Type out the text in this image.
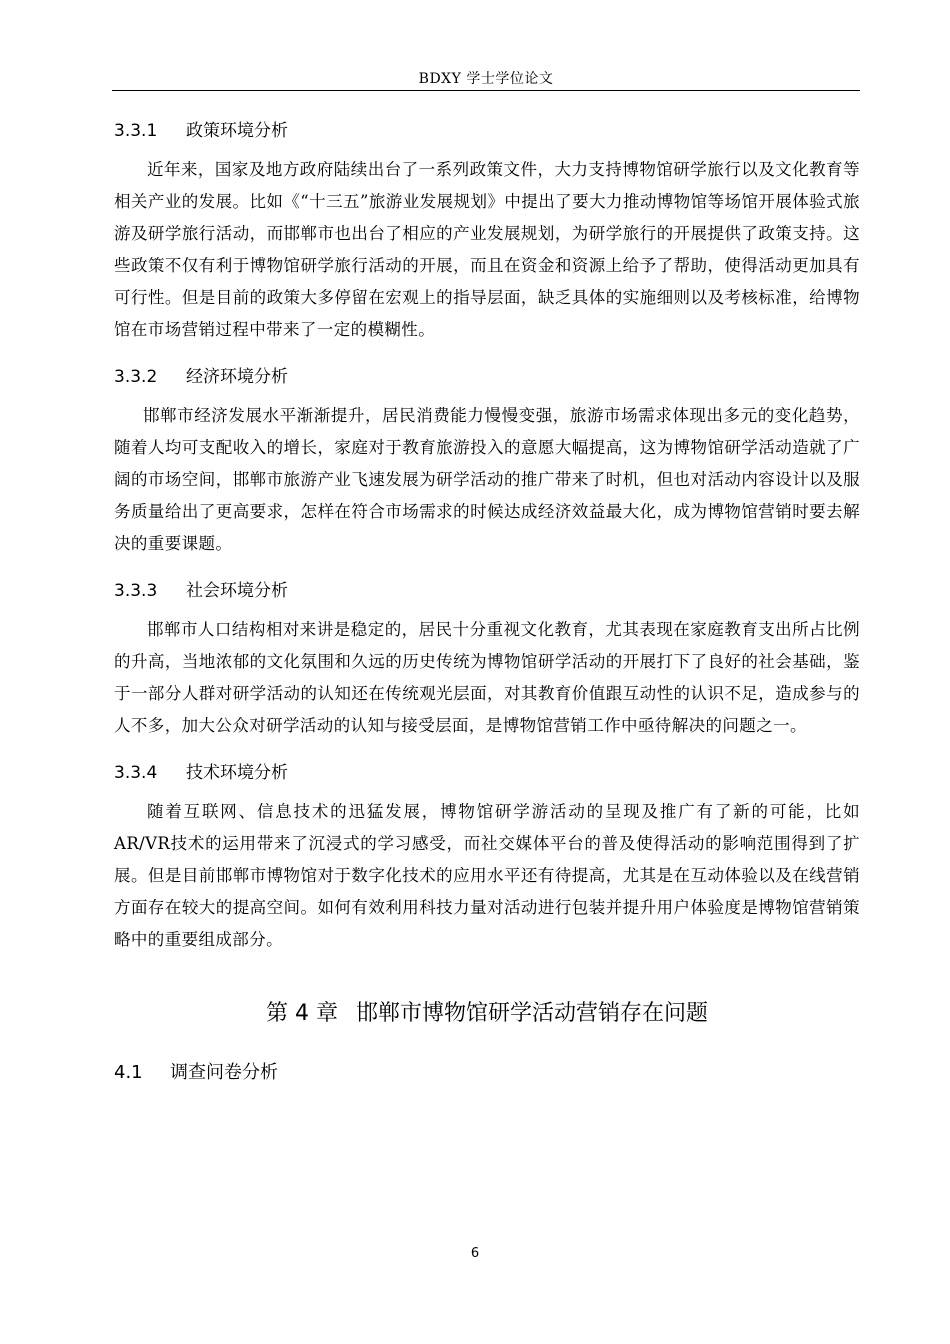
BDXY 学士学位论文
3.3.1 政策环境分析

近年来，国家及地方政府陆续出台了一系列政策文件，大力支持博物馆研学旅行以及文化教育等相关产业的发展。比如《“十三五”旅游业发展规划》中提出了要大力推动博物馆等场馆开展体验式旅游及研学旅行活动，而邯郸市也出台了相应的产业发展规划，为研学旅行的开展提供了政策支持。这些政策不仅有利于博物馆研学旅行活动的开展，而且在资金和资源上给予了帮助，使得活动更加具有可行性。但是目前的政策大多停留在宏观上的指导层面，缺乏具体的实施细则以及考核标准，给博物馆在市场营销过程中带来了一定的模糊性。

3.3.2 经济环境分析

邯郸市经济发展水平渐渐提升，居民消费能力慢慢变强，旅游市场需求体现出多元的变化趋势，随着人均可支配收入的增长，家庭对于教育旅游投入的意愿大幅提高，这为博物馆研学活动造就了广阔的市场空间，邯郸市旅游产业飞速发展为研学活动的推广带来了时机，但也对活动内容设计以及服务质量给出了更高要求，怎样在符合市场需求的时候达成经济效益最大化，成为博物馆营销时要去解决的重要课题。

3.3.3 社会环境分析

邯郸市人口结构相对来讲是稳定的，居民十分重视文化教育，尤其表现在家庭教育支出所占比例的升高，当地浓郁的文化氛围和久远的历史传统为博物馆研学活动的开展打下了良好的社会基础，鉴于一部分人群对研学活动的认知还在传统观光层面，对其教育价值跟互动性的认识不足，造成参与的人不多，加大公众对研学活动的认知与接受层面，是博物馆营销工作中亟待解决的问题之一。

3.3.4 技术环境分析

随着互联网、信息技术的迅猛发展，博物馆研学游活动的呈现及推广有了新的可能，比如AR/VR技术的运用带来了沉浸式的学习感受，而社交媒体平台的普及使得活动的影响范围得到了扩展。但是目前邯郸市博物馆对于数字化技术的应用水平还有待提高，尤其是在互动体验以及在线营销方面存在较大的提高空间。如何有效利用科技力量对活动进行包装并提升用户体验度是博物馆营销策略中的重要组成部分。

第 4 章 邯郸市博物馆研学活动营销存在问题
4.1 调查问卷分析
6
